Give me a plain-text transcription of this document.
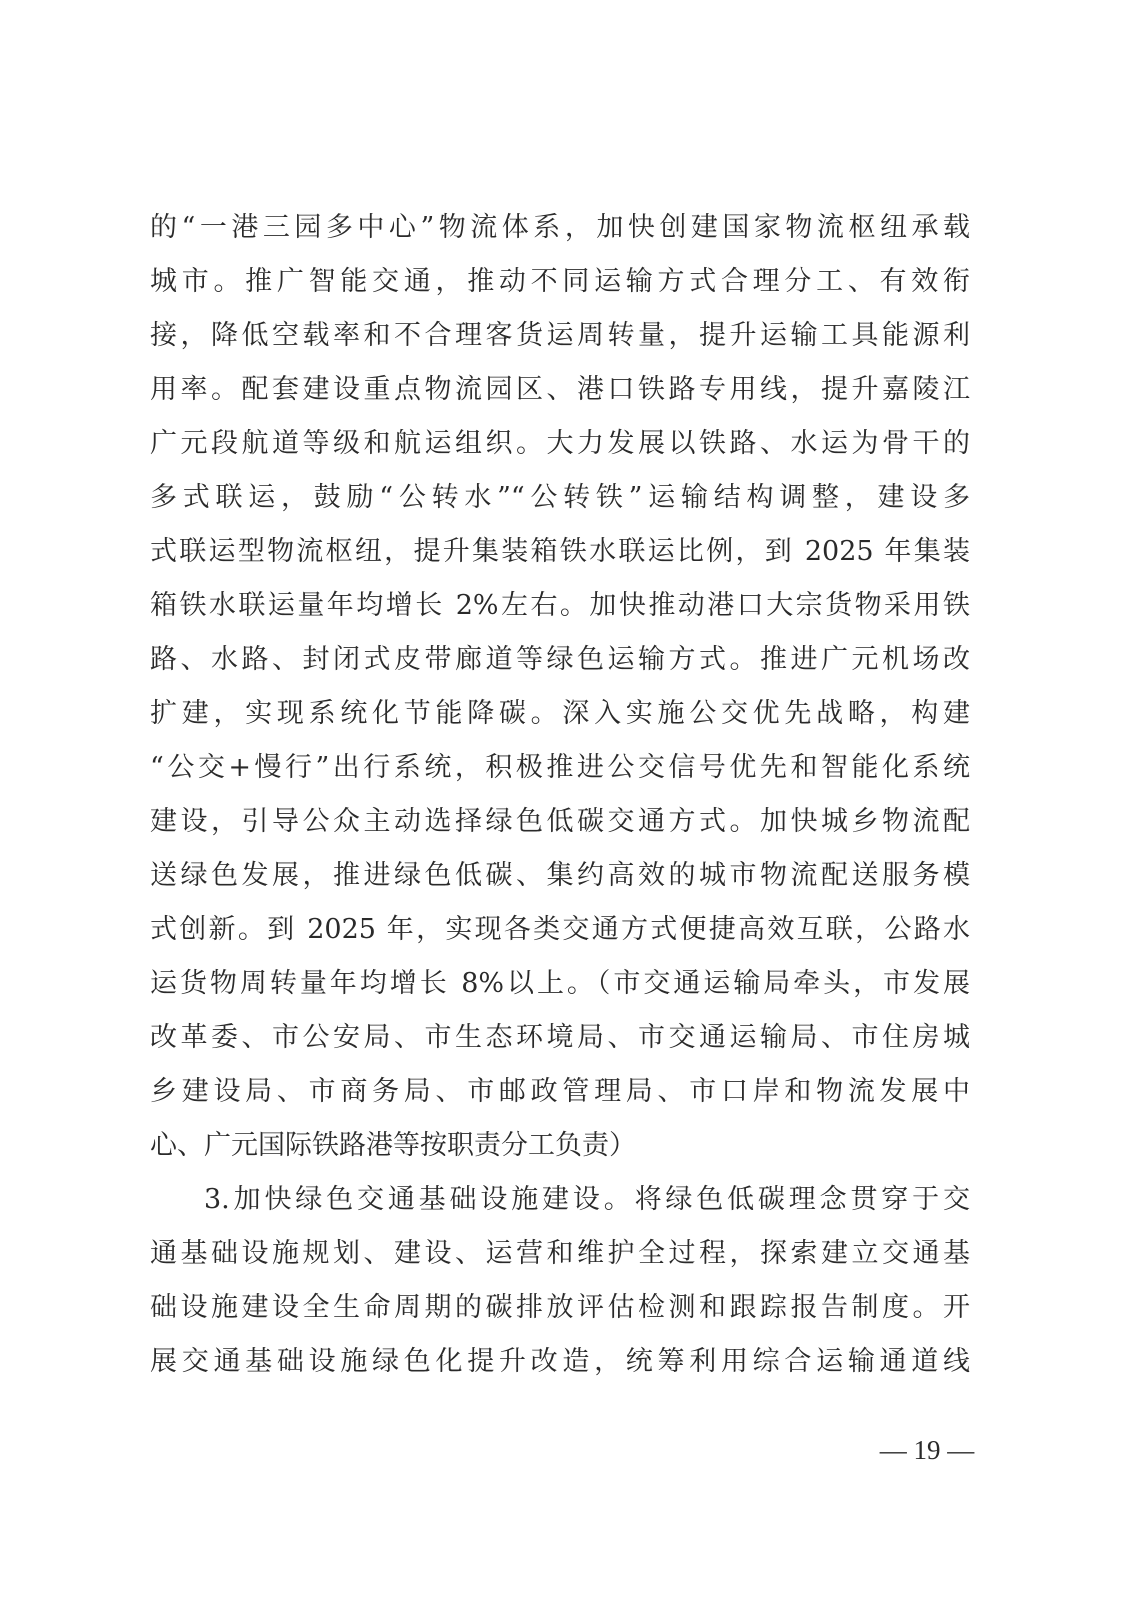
的“一港三园多中心”物流体系，加快创建国家物流枢纽承载
城市。推广智能交通，推动不同运输方式合理分工、有效衔
接，降低空载率和不合理客货运周转量，提升运输工具能源利
用率。配套建设重点物流园区、港口铁路专用线，提升嘉陵江
广元段航道等级和航运组织。大力发展以铁路、水运为骨干的
多式联运，鼓励“公转水”“公转铁”运输结构调整，建设多
式联运型物流枢纽，提升集装箱铁水联运比例，到 2025 年集装
箱铁水联运量年均增长 2%左右。加快推动港口大宗货物采用铁
路、水路、封闭式皮带廊道等绿色运输方式。推进广元机场改
扩建，实现系统化节能降碳。深入实施公交优先战略，构建
“公交+慢行”出行系统，积极推进公交信号优先和智能化系统
建设，引导公众主动选择绿色低碳交通方式。加快城乡物流配
送绿色发展，推进绿色低碳、集约高效的城市物流配送服务模
式创新。到 2025 年，实现各类交通方式便捷高效互联，公路水
运货物周转量年均增长 8%以上。（市交通运输局牵头，市发展
改革委、市公安局、市生态环境局、市交通运输局、市住房城
乡建设局、市商务局、市邮政管理局、市口岸和物流发展中
心、广元国际铁路港等按职责分工负责）
3.加快绿色交通基础设施建设。将绿色低碳理念贯穿于交
通基础设施规划、建设、运营和维护全过程，探索建立交通基
础设施建设全生命周期的碳排放评估检测和跟踪报告制度。开
展交通基础设施绿色化提升改造，统筹利用综合运输通道线
— 19 —
